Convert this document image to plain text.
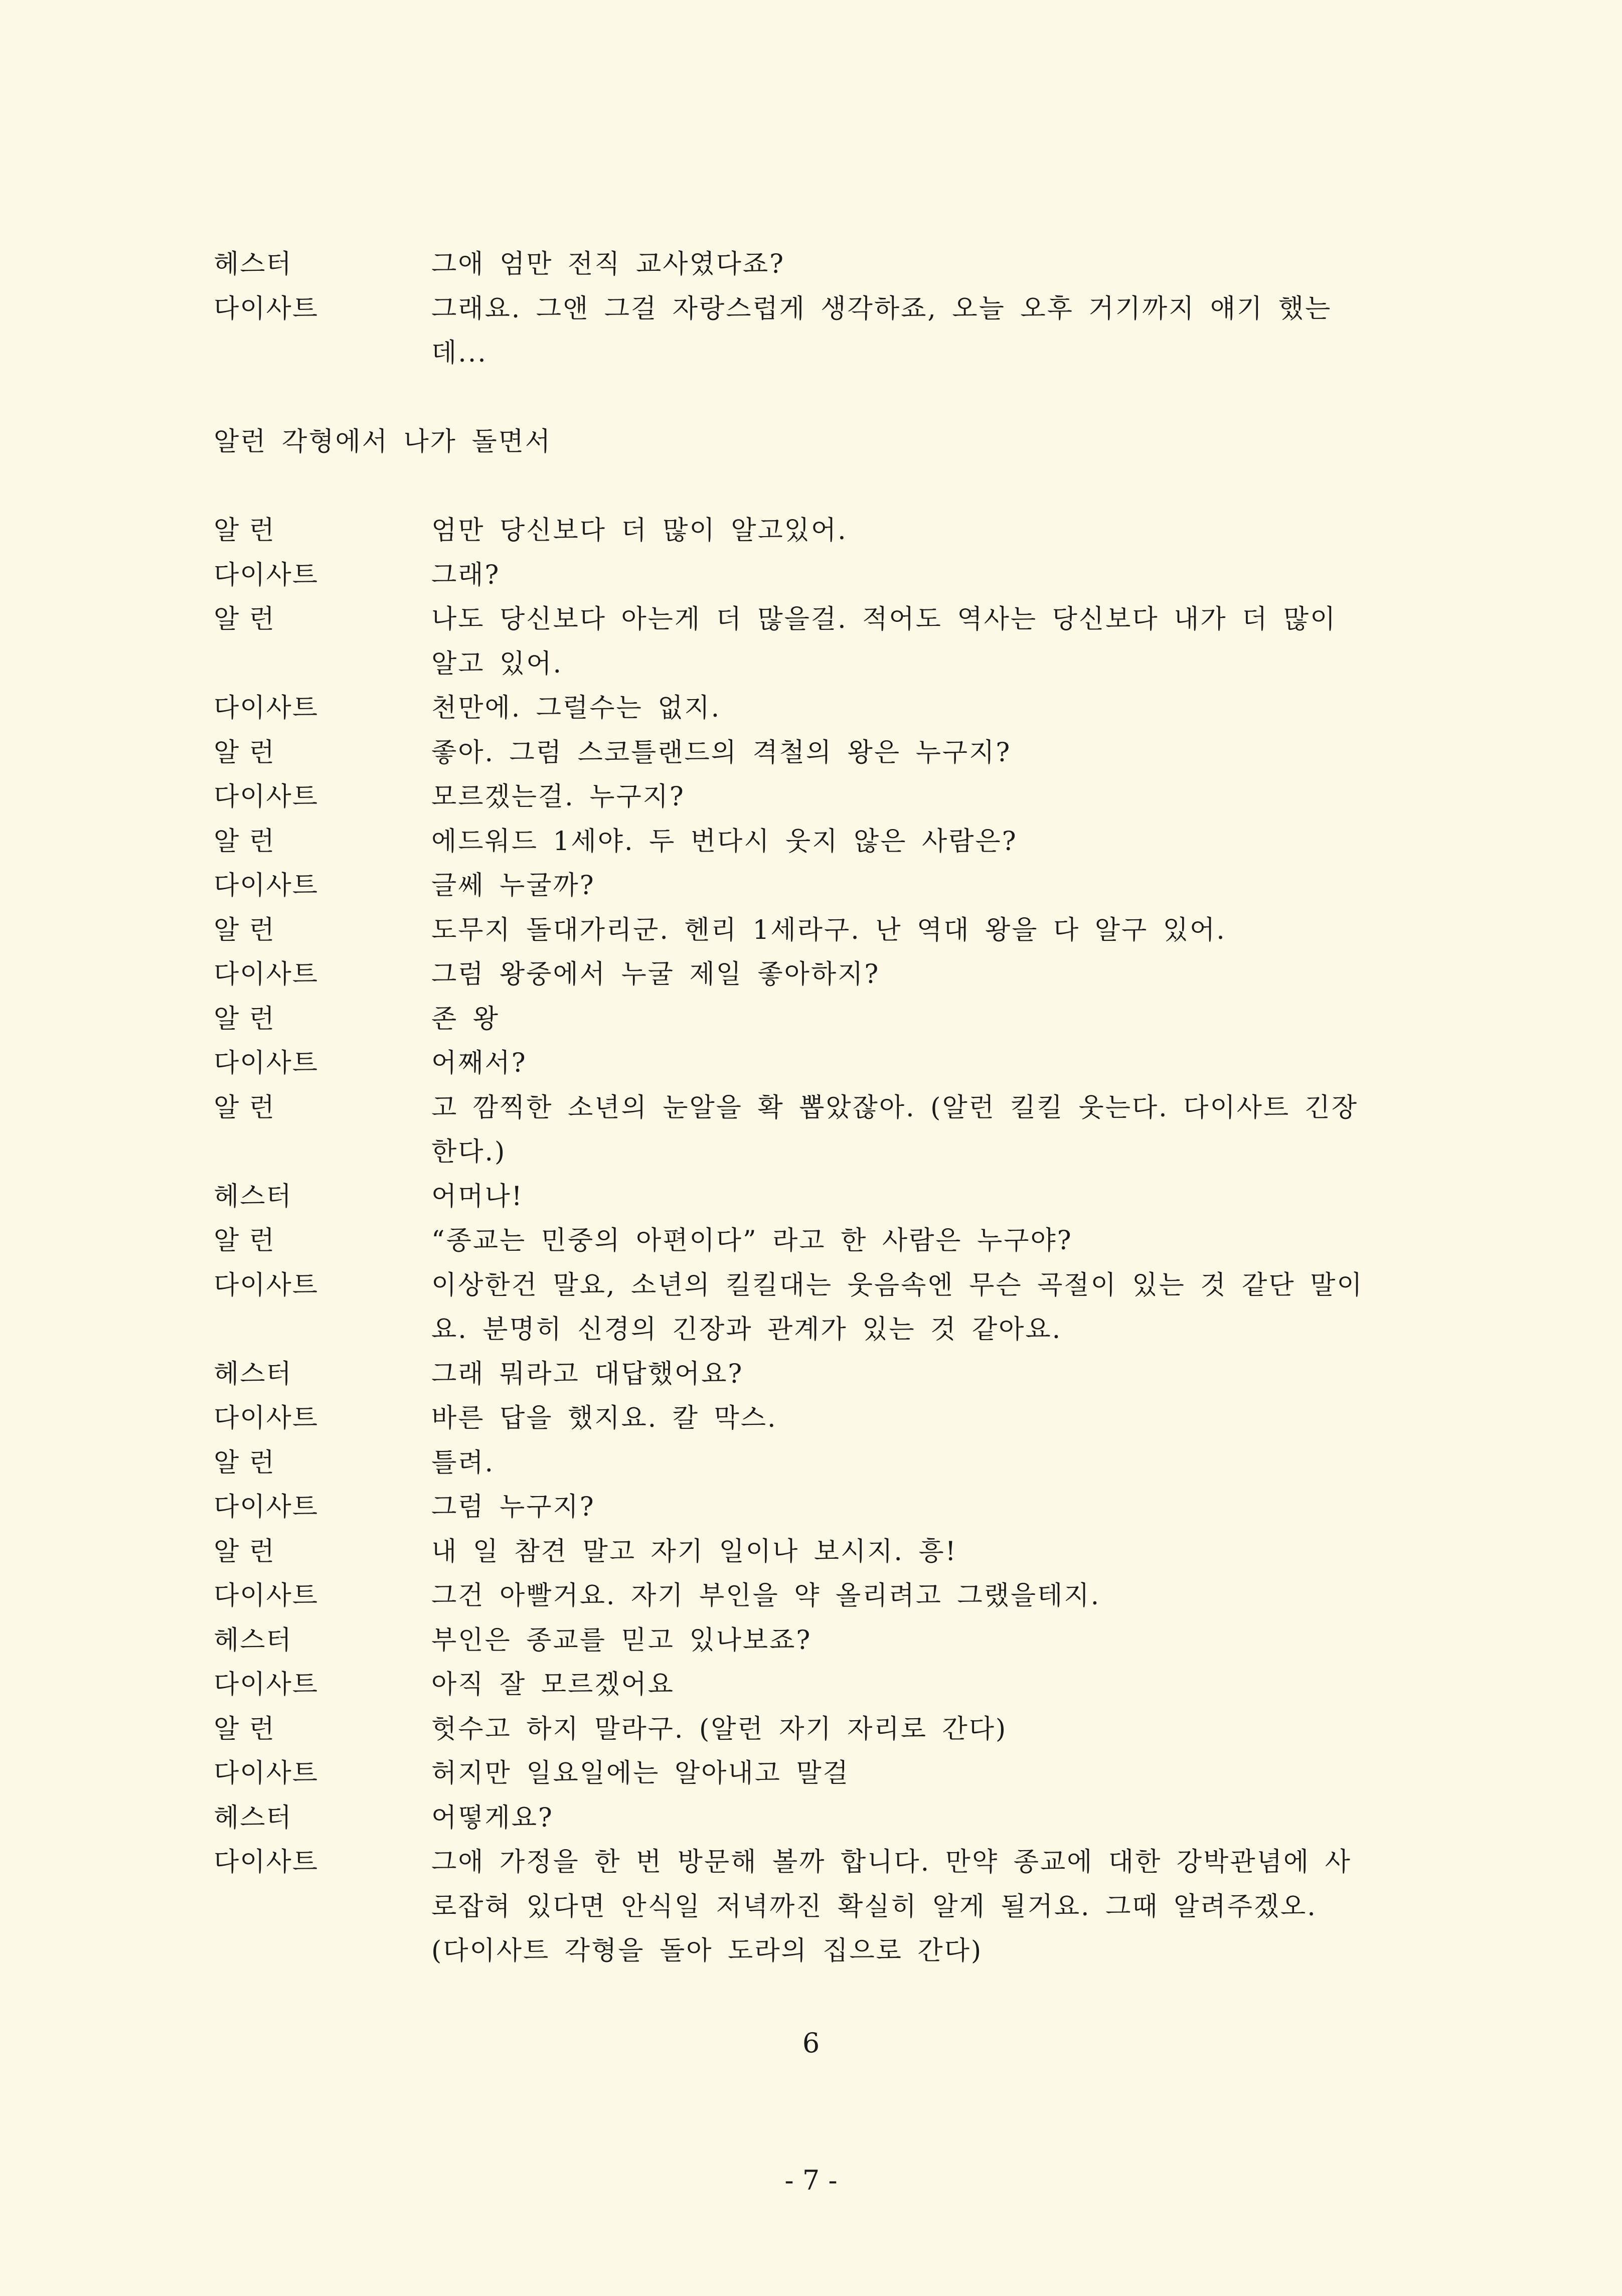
헤스터	그애 엄만 전직 교사였다죠?
다이사트	그래요. 그앤 그걸 자랑스럽게 생각하죠, 오늘 오후 거기까지 얘기 했는
데...
알런 각형에서 나가 돌면서
알 런	엄만 당신보다 더 많이 알고있어.
다이사트	그래?
알 런	나도 당신보다 아는게 더 많을걸. 적어도 역사는 당신보다 내가 더 많이
알고 있어.
다이사트	천만에. 그럴수는 없지.
알 런	좋아. 그럼 스코틀랜드의 격철의 왕은 누구지?
다이사트	모르겠는걸. 누구지?
알 런	에드워드 1세야. 두 번다시 웃지 않은 사람은?
다이사트	글쎄 누굴까?
알 런	도무지 돌대가리군. 헨리 1세라구. 난 역대 왕을 다 알구 있어.
다이사트	그럼 왕중에서 누굴 제일 좋아하지?
알 런	존 왕
다이사트	어째서?
알 런	고 깜찍한 소년의 눈알을 확 뽑았잖아. (알런 킬킬 웃는다. 다이사트 긴장
한다.)
헤스터	어머나!
알 런	“종교는 민중의 아편이다” 라고 한 사람은 누구야?
다이사트	이상한건 말요, 소년의 킬킬대는 웃음속엔 무슨 곡절이 있는 것 같단 말이
요. 분명히 신경의 긴장과 관계가 있는 것 같아요.
헤스터	그래 뭐라고 대답했어요?
다이사트	바른 답을 했지요. 칼 막스.
알 런	틀려.
다이사트	그럼 누구지?
알 런	내 일 참견 말고 자기 일이나 보시지. 흥!
다이사트	그건 아빨거요. 자기 부인을 약 올리려고 그랬을테지.
헤스터	부인은 종교를 믿고 있나보죠?
다이사트	아직 잘 모르겠어요
알 런	헛수고 하지 말라구. (알런 자기 자리로 간다)
다이사트	허지만 일요일에는 알아내고 말걸
헤스터	어떻게요?
다이사트	그애 가정을 한 번 방문해 볼까 합니다. 만약 종교에 대한 강박관념에 사
로잡혀 있다면 안식일 저녁까진 확실히 알게 될거요. 그때 알려주겠오.
(다이사트 각형을 돌아 도라의 집으로 간다)
6
- 7 -
